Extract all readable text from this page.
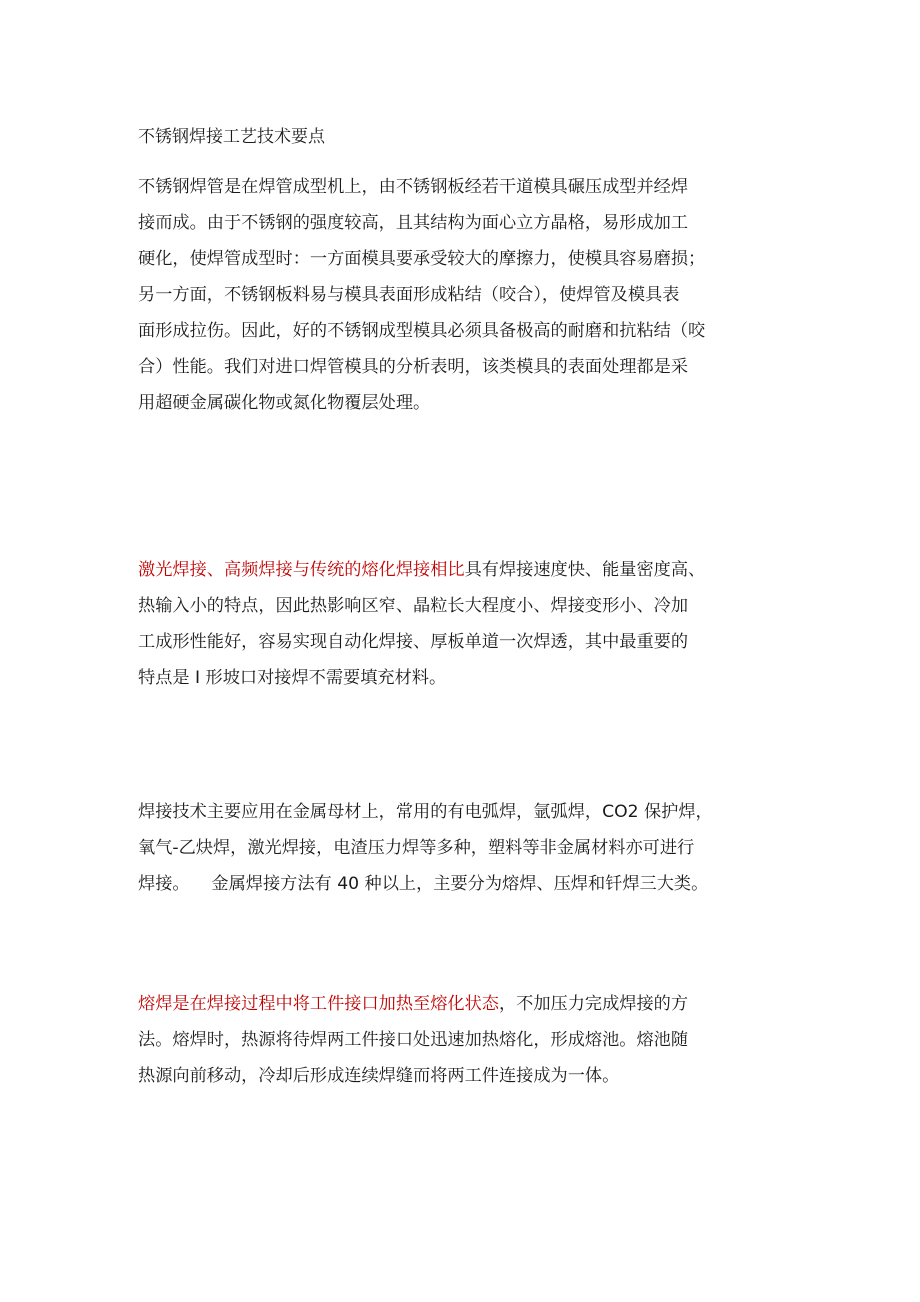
不锈钢焊接工艺技术要点
不锈钢焊管是在焊管成型机上，由不锈钢板经若干道模具碾压成型并经焊
接而成。由于不锈钢的强度较高，且其结构为面心立方晶格，易形成加工
硬化，使焊管成型时：一方面模具要承受较大的摩擦力，使模具容易磨损；
另一方面，不锈钢板料易与模具表面形成粘结（咬合），使焊管及模具表
面形成拉伤。因此，好的不锈钢成型模具必须具备极高的耐磨和抗粘结（咬
合）性能。我们对进口焊管模具的分析表明，该类模具的表面处理都是采
用超硬金属碳化物或氮化物覆层处理。
激光焊接、高频焊接与传统的熔化焊接相比具有焊接速度快、能量密度高、
热输入小的特点，因此热影响区窄、晶粒长大程度小、焊接变形小、冷加
工成形性能好，容易实现自动化焊接、厚板单道一次焊透，其中最重要的
特点是 I 形坡口对接焊不需要填充材料。
焊接技术主要应用在金属母材上，常用的有电弧焊，氩弧焊，CO2 保护焊，
氧气-乙炔焊，激光焊接，电渣压力焊等多种，塑料等非金属材料亦可进行
焊接。    金属焊接方法有 40 种以上，主要分为熔焊、压焊和钎焊三大类。
熔焊是在焊接过程中将工件接口加热至熔化状态，不加压力完成焊接的方
法。熔焊时，热源将待焊两工件接口处迅速加热熔化，形成熔池。熔池随
热源向前移动，冷却后形成连续焊缝而将两工件连接成为一体。
